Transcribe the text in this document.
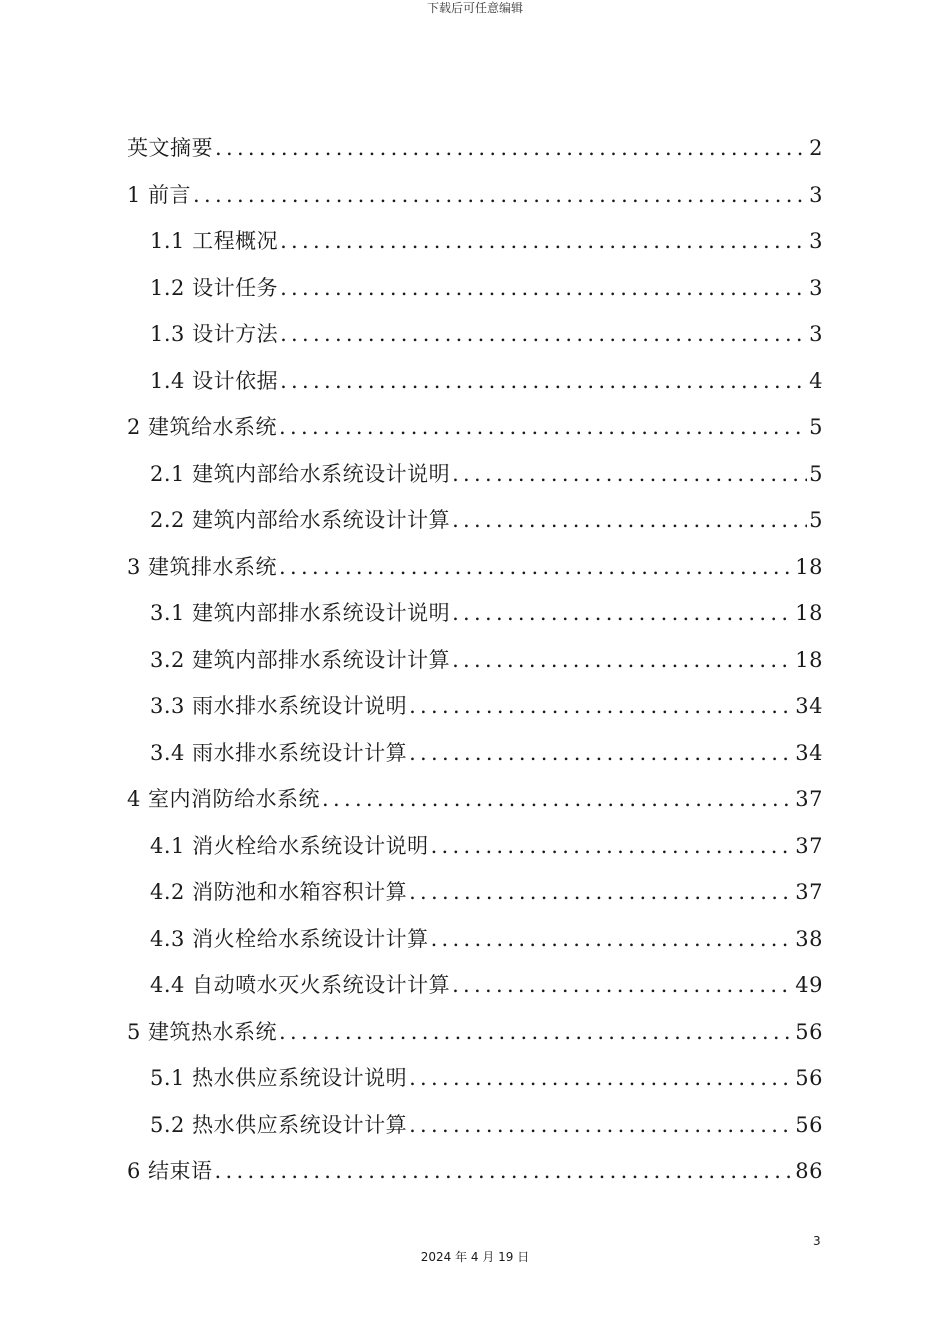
下载后可任意编辑
英文摘要 .....	2
1 前言 .....	3
1.1 工程概况 .....	3
1.2 设计任务 .....	3
1.3 设计方法 .....	3
1.4 设计依据 .....	4
2 建筑给水系统 .....	5
2.1 建筑内部给水系统设计说明 .....	5
2.2 建筑内部给水系统设计计算 .....	5
3 建筑排水系统 .....	18
3.1 建筑内部排水系统设计说明 .....	18
3.2 建筑内部排水系统设计计算 .....	18
3.3 雨水排水系统设计说明 .....	34
3.4 雨水排水系统设计计算 .....	34
4 室内消防给水系统 .....	37
4.1 消火栓给水系统设计说明 .....	37
4.2 消防池和水箱容积计算 .....	37
4.3 消火栓给水系统设计计算 .....	38
4.4 自动喷水灭火系统设计计算 .....	49
5 建筑热水系统 .....	56
5.1 热水供应系统设计说明 .....	56
5.2 热水供应系统设计计算 .....	56
6 结束语 .....	86
3
2024 年 4 月 19 日
